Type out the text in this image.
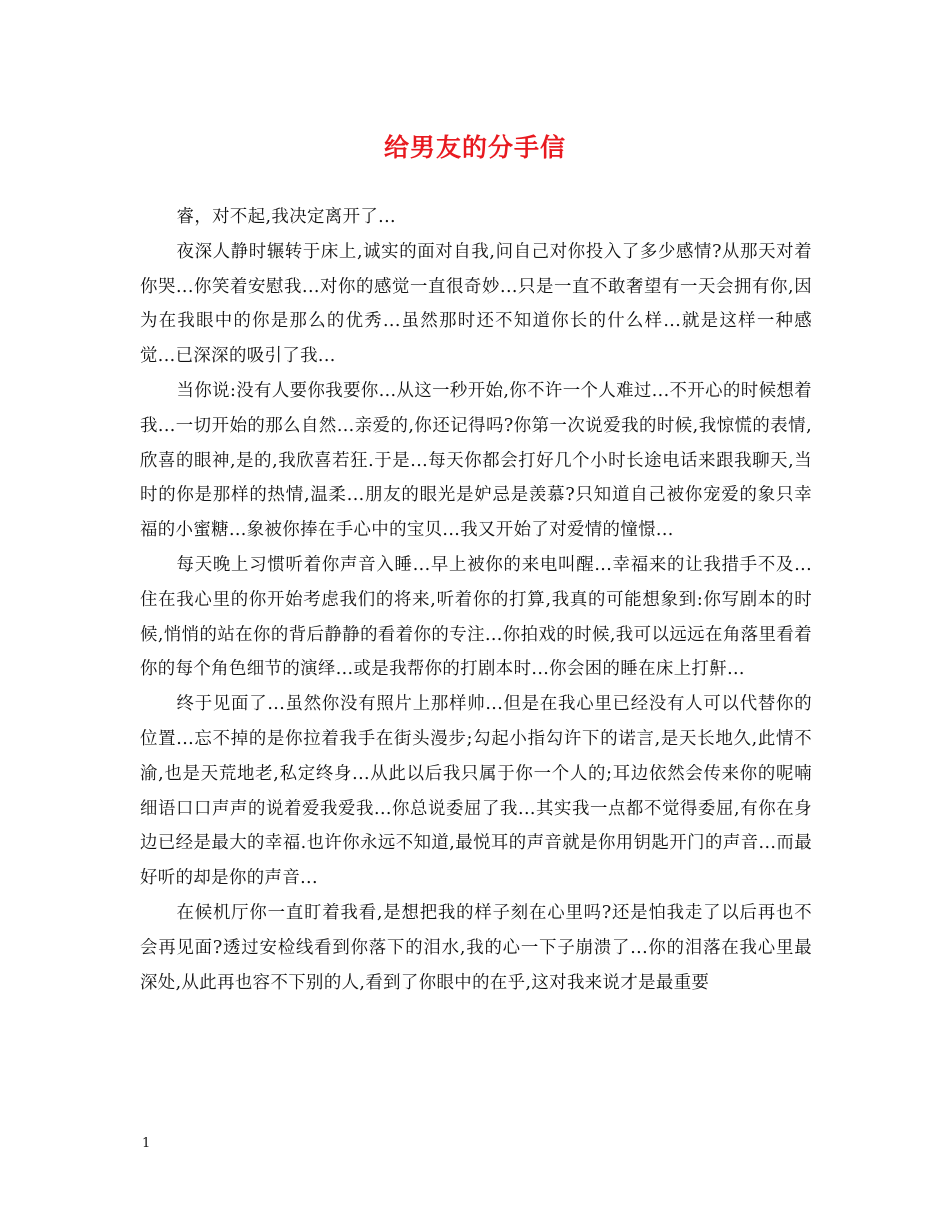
给男友的分手信

睿，对不起,我决定离开了...

夜深人静时辗转于床上,诚实的面对自我,问自己对你投入了多少感情?从那天对着你哭...你笑着安慰我...对你的感觉一直很奇妙...只是一直不敢奢望有一天会拥有你,因为在我眼中的你是那么的优秀...虽然那时还不知道你长的什么样...就是这样一种感觉...已深深的吸引了我...

当你说:没有人要你我要你...从这一秒开始,你不许一个人难过...不开心的时候想着我...一切开始的那么自然...亲爱的,你还记得吗?你第一次说爱我的时候,我惊慌的表情,欣喜的眼神,是的,我欣喜若狂.于是...每天你都会打好几个小时长途电话来跟我聊天,当时的你是那样的热情,温柔...朋友的眼光是妒忌是羡慕?只知道自己被你宠爱的象只幸福的小蜜糖...象被你捧在手心中的宝贝...我又开始了对爱情的憧憬...

每天晚上习惯听着你声音入睡...早上被你的来电叫醒...幸福来的让我措手不及...住在我心里的你开始考虑我们的将来,听着你的打算,我真的可能想象到:你写剧本的时候,悄悄的站在你的背后静静的看着你的专注...你拍戏的时候,我可以远远在角落里看着你的每个角色细节的演绎...或是我帮你的打剧本时...你会困的睡在床上打鼾...

终于见面了...虽然你没有照片上那样帅...但是在我心里已经没有人可以代替你的位置...忘不掉的是你拉着我手在街头漫步;勾起小指勾许下的诺言,是天长地久,此情不渝,也是天荒地老,私定终身...从此以后我只属于你一个人的;耳边依然会传来你的呢喃细语口口声声的说着爱我爱我...你总说委屈了我...其实我一点都不觉得委屈,有你在身边已经是最大的幸福.也许你永远不知道,最悦耳的声音就是你用钥匙开门的声音...而最好听的却是你的声音...

在候机厅你一直盯着我看,是想把我的样子刻在心里吗?还是怕我走了以后再也不会再见面?透过安检线看到你落下的泪水,我的心一下子崩溃了...你的泪落在我心里最深处,从此再也容不下别的人,看到了你眼中的在乎,这对我来说才是最重要

1
